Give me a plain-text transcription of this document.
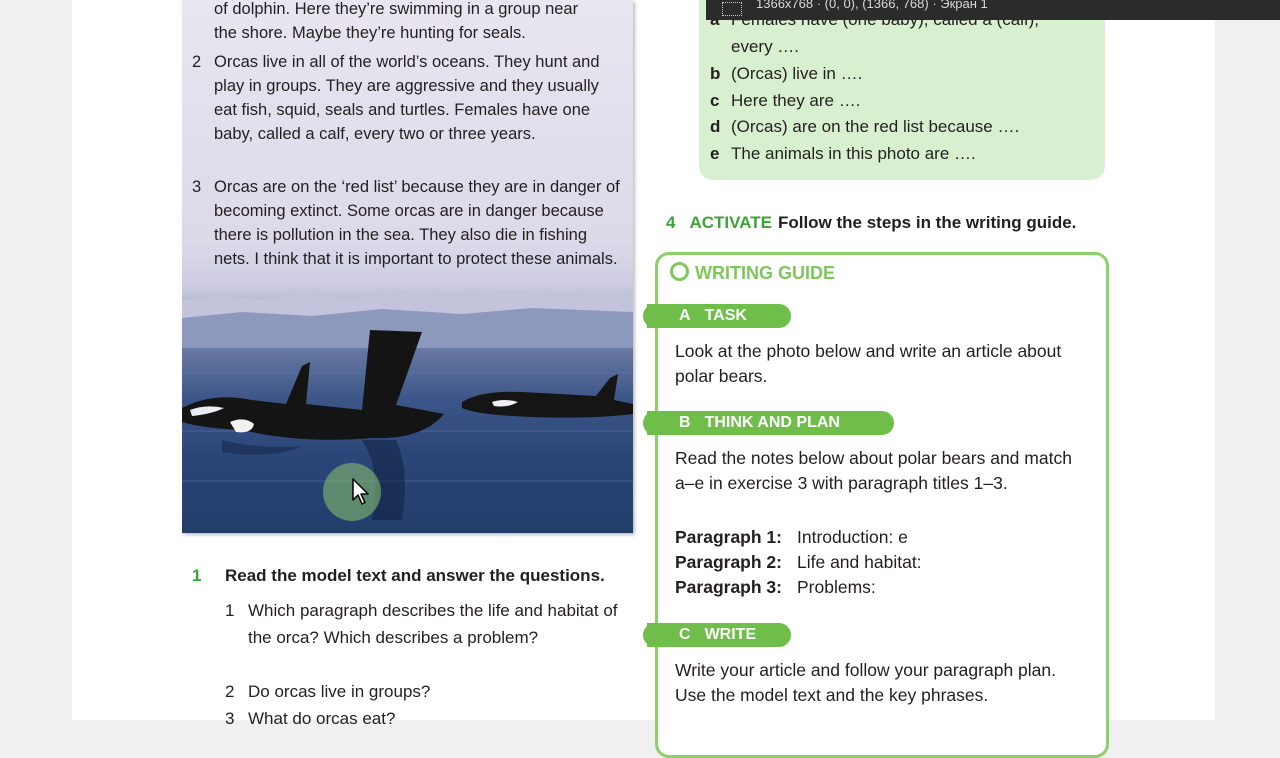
of dolphin. Here they’re swimming in a group near
the shore. Maybe they’re hunting for seals.
2 Orcas live in all of the world’s oceans. They hunt and play in groups. They are aggressive and they usually eat fish, squid, seals and turtles. Females have one baby, called a calf, every two or three years.
3 Orcas are on the ‘red list’ because they are in danger of becoming extinct. Some orcas are in danger because there is pollution in the sea. They also die in fishing nets. I think that it is important to protect these animals.
1 Read the model text and answer the questions.
1 Which paragraph describes the life and habitat of the orca? Which describes a problem?
2 Do orcas live in groups?
3 What do orcas eat?
every ….
b (Orcas) live in ….
c Here they are ….
d (Orcas) are on the red list because ….
e The animals in this photo are ….
1366x768 · (0, 0), (1366, 768) · Экран 1
4 ACTIVATE Follow the steps in the writing guide.
WRITING GUIDE
A TASK
Look at the photo below and write an article about polar bears.
B THINK AND PLAN
Read the notes below about polar bears and match a–e in exercise 3 with paragraph titles 1–3.
Paragraph 1: Introduction: e
Paragraph 2: Life and habitat:
Paragraph 3: Problems:
C WRITE
Write your article and follow your paragraph plan. Use the model text and the key phrases.
